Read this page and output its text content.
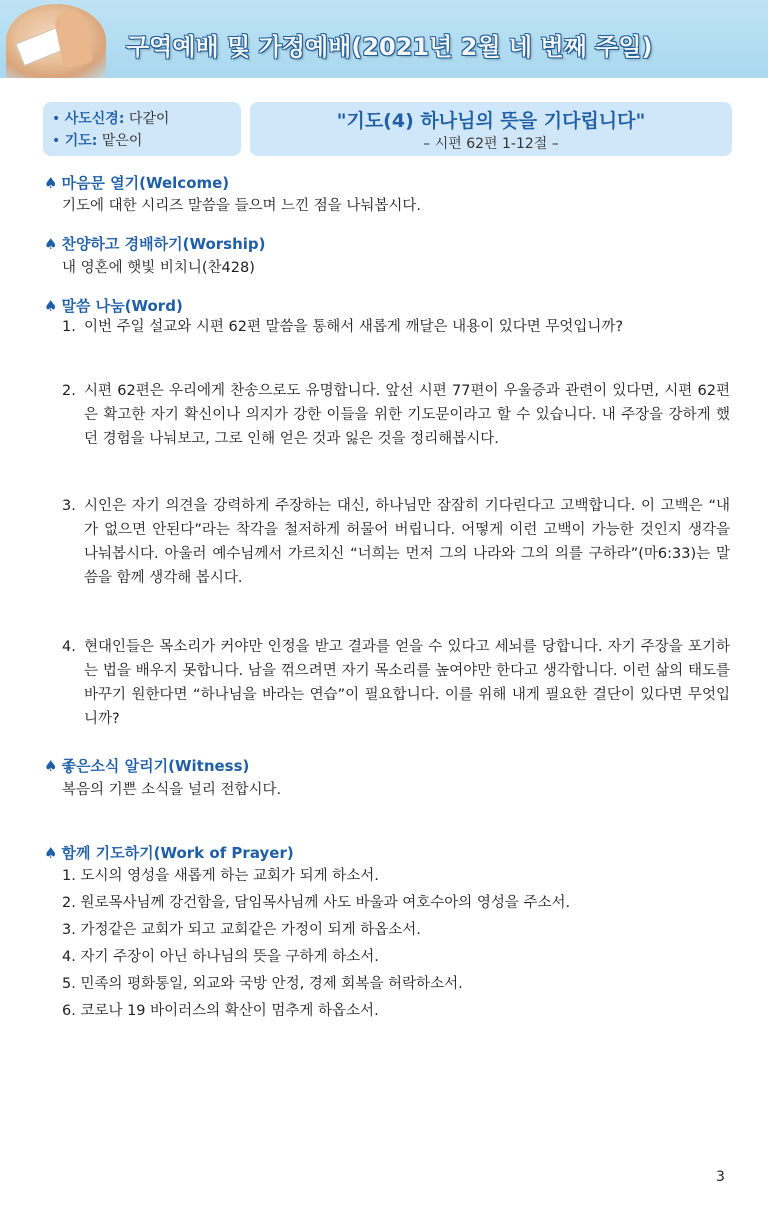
구역예배 및 가정예배(2021년 2월 네 번째 주일)
• 사도신경: 다같이
• 기도: 맡은이
"기도(4) 하나님의 뜻을 기다립니다"
– 시편 62편 1-12절 –
♠ 마음문 열기(Welcome)
기도에 대한 시리즈 말씀을 들으며 느낀 점을 나눠봅시다.
♠ 찬양하고 경배하기(Worship)
내 영혼에 햇빛 비치니(찬428)
♠ 말씀 나눔(Word)
1. 이번 주일 설교와 시편 62편 말씀을 통해서 새롭게 깨달은 내용이 있다면 무엇입니까?
2. 시편 62편은 우리에게 찬송으로도 유명합니다. 앞선 시편 77편이 우울증과 관련이 있다면, 시편 62편은 확고한 자기 확신이나 의지가 강한 이들을 위한 기도문이라고 할 수 있습니다. 내 주장을 강하게 했던 경험을 나눠보고, 그로 인해 얻은 것과 잃은 것을 정리해봅시다.
3. 시인은 자기 의견을 강력하게 주장하는 대신, 하나님만 잠잠히 기다린다고 고백합니다. 이 고백은 “내가 없으면 안된다”라는 착각을 철저하게 허물어 버립니다. 어떻게 이런 고백이 가능한 것인지 생각을 나눠봅시다. 아울러 예수님께서 가르치신 “너희는 먼저 그의 나라와 그의 의를 구하라”(마6:33)는 말씀을 함께 생각해 봅시다.
4. 현대인들은 목소리가 커야만 인정을 받고 결과를 얻을 수 있다고 세뇌를 당합니다. 자기 주장을 포기하는 법을 배우지 못합니다. 남을 꺾으려면 자기 목소리를 높여야만 한다고 생각합니다. 이런 삶의 태도를 바꾸기 원한다면 “하나님을 바라는 연습”이 필요합니다. 이를 위해 내게 필요한 결단이 있다면 무엇입니까?
♠ 좋은소식 알리기(Witness)
복음의 기쁜 소식을 널리 전합시다.
♠ 함께 기도하기(Work of Prayer)
1. 도시의 영성을 새롭게 하는 교회가 되게 하소서.
2. 원로목사님께 강건함을, 담임목사님께 사도 바울과 여호수아의 영성을 주소서.
3. 가정같은 교회가 되고 교회같은 가정이 되게 하옵소서.
4. 자기 주장이 아닌 하나님의 뜻을 구하게 하소서.
5. 민족의 평화통일, 외교와 국방 안정, 경제 회복을 허락하소서.
6. 코로나 19 바이러스의 확산이 멈추게 하옵소서.
3
